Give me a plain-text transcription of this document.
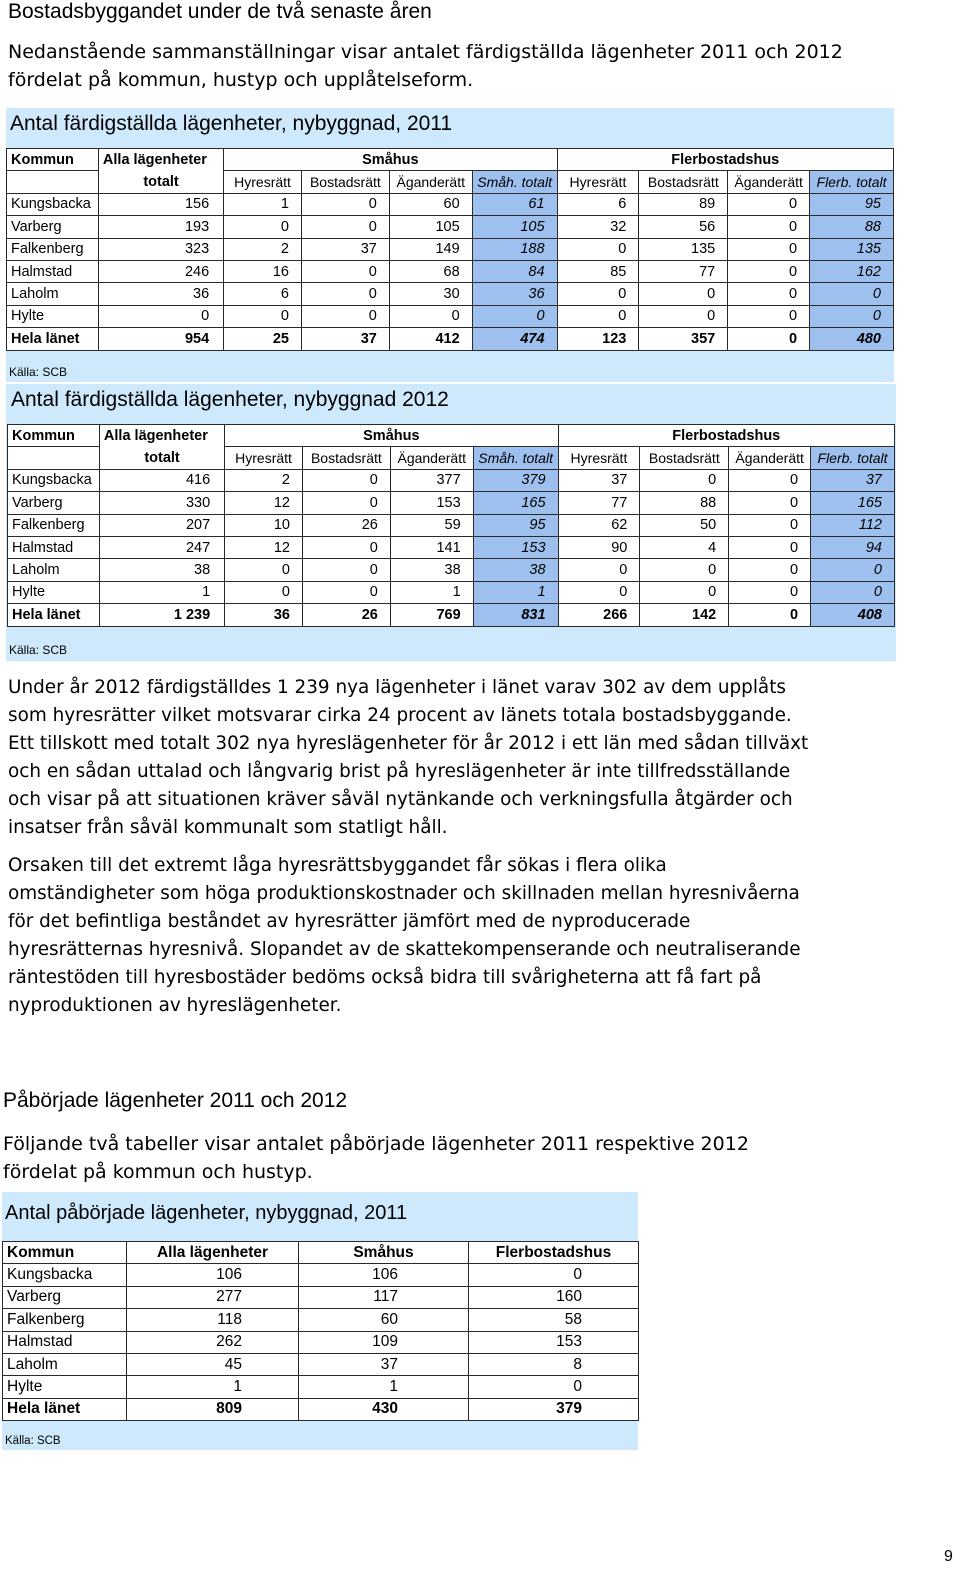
Bostadsbyggandet under de två senaste åren
Nedanstående sammanställningar visar antalet färdigställda lägenheter 2011 och 2012
fördelat på kommun, hustyp och upplåtelseform.
Antal färdigställda lägenheter, nybyggnad, 2011
Kommun	Alla lägenheter	Småhus				Flerbostadshus			
	totalt	Hyresrätt	Bostadsrätt	Äganderätt	Småh. totalt	Hyresrätt	Bostadsrätt	Äganderätt	Flerb. totalt
Kungsbacka	156	1	0	60	61	6	89	0	95
Varberg	193	0	0	105	105	32	56	0	88
Falkenberg	323	2	37	149	188	0	135	0	135
Halmstad	246	16	0	68	84	85	77	0	162
Laholm	36	6	0	30	36	0	0	0	0
Hylte	0	0	0	0	0	0	0	0	0
Hela länet	954	25	37	412	474	123	357	0	480
Källa: SCB
Antal färdigställda lägenheter, nybyggnad 2012
Kommun	Alla lägenheter	Småhus				Flerbostadshus			
	totalt	Hyresrätt	Bostadsrätt	Äganderätt	Småh. totalt	Hyresrätt	Bostadsrätt	Äganderätt	Flerb. totalt
Kungsbacka	416	2	0	377	379	37	0	0	37
Varberg	330	12	0	153	165	77	88	0	165
Falkenberg	207	10	26	59	95	62	50	0	112
Halmstad	247	12	0	141	153	90	4	0	94
Laholm	38	0	0	38	38	0	0	0	0
Hylte	1	0	0	1	1	0	0	0	0
Hela länet	1 239	36	26	769	831	266	142	0	408
Källa: SCB
Under år 2012 färdigställdes 1 239 nya lägenheter i länet varav 302 av dem upplåts
som hyresrätter vilket motsvarar cirka 24 procent av länets totala bostadsbyggande.
Ett tillskott med totalt 302 nya hyreslägenheter för år 2012 i ett län med sådan tillväxt
och en sådan uttalad och långvarig brist på hyreslägenheter är inte tillfredsställande
och visar på att situationen kräver såväl nytänkande och verkningsfulla åtgärder och
insatser från såväl kommunalt som statligt håll.
Orsaken till det extremt låga hyresrättsbyggandet får sökas i flera olika
omständigheter som höga produktionskostnader och skillnaden mellan hyresnivåerna
för det befintliga beståndet av hyresrätter jämfört med de nyproducerade
hyresrätternas hyresnivå. Slopandet av de skattekompenserande och neutraliserande
räntestöden till hyresbostäder bedöms också bidra till svårigheterna att få fart på
nyproduktionen av hyreslägenheter.
Påbörjade lägenheter 2011 och 2012
Följande två tabeller visar antalet påbörjade lägenheter 2011 respektive 2012
fördelat på kommun och hustyp.
Antal påbörjade lägenheter, nybyggnad, 2011
Kommun	Alla lägenheter	Småhus	Flerbostadshus
Kungsbacka	106	106	0
Varberg	277	117	160
Falkenberg	118	60	58
Halmstad	262	109	153
Laholm	45	37	8
Hylte	1	1	0
Hela länet	809	430	379
Källa: SCB
9
